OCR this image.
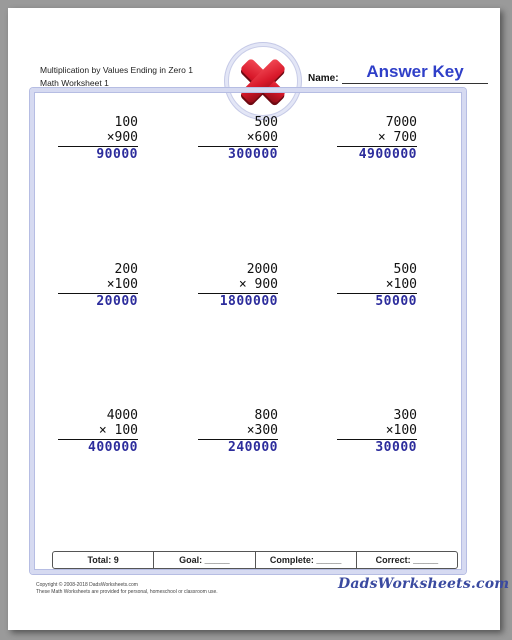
Multiplication by Values Ending in Zero 1
Math Worksheet 1	Name:	Answer Key
100
×900
90000
500
×600
300000
7000
× 700
4900000
200
×100
20000
2000
× 900
1800000
500
×100
50000
4000
× 100
400000
800
×300
240000
300
×100
30000
Total: 9	Goal: _____	Complete: _____	Correct: _____
Copyright © 2008-2018 DadsWorksheets.com
These Math Worksheets are provided for personal, homeschool or classroom use.	DadsWorksheets.com
